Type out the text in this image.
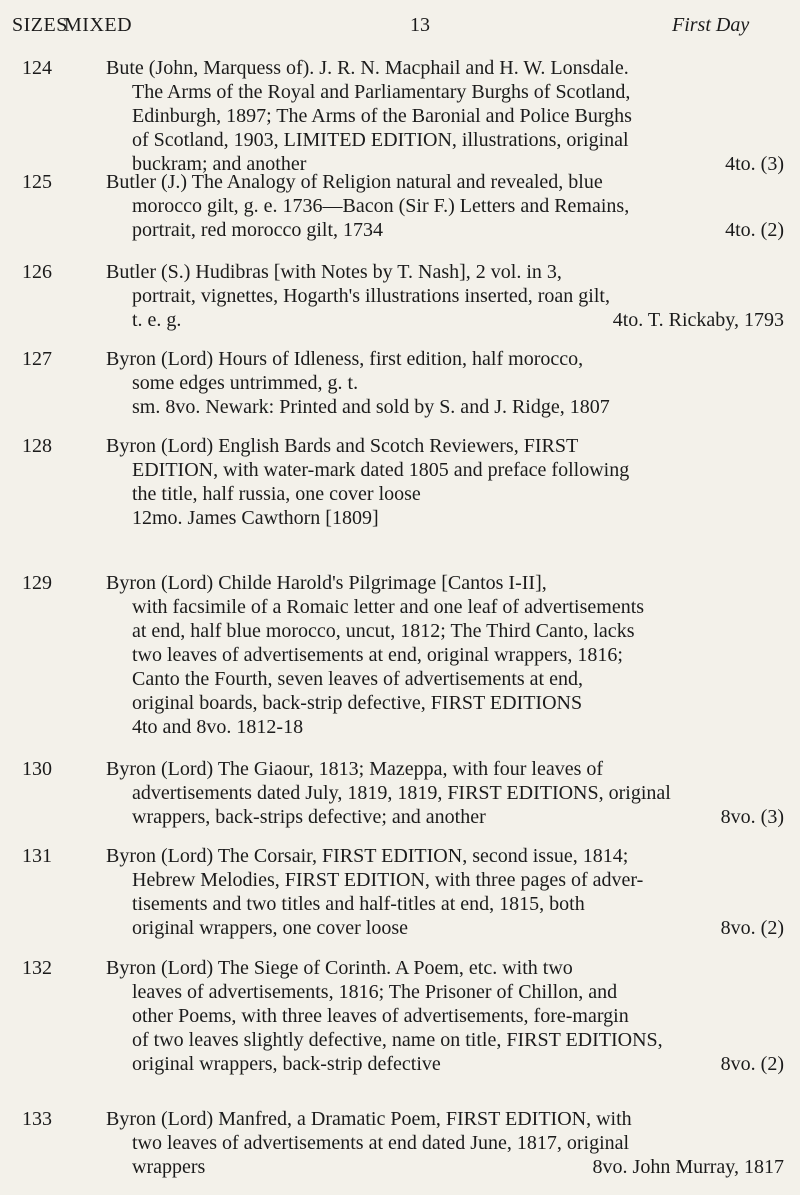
SIZES
MIXED	13	First Day
124	Bute (John, Marquess of). J. R. N. Macphail and H. W. Lonsdale.
The Arms of the Royal and Parliamentary Burghs of Scotland,
Edinburgh, 1897; The Arms of the Baronial and Police Burghs
of Scotland, 1903, LIMITED EDITION, illustrations, original
buckram; and another	4to. (3)
125	Butler (J.) The Analogy of Religion natural and revealed, blue
morocco gilt, g. e. 1736—Bacon (Sir F.) Letters and Remains,
portrait, red morocco gilt, 1734	4to. (2)
126	Butler (S.) Hudibras [with Notes by T. Nash], 2 vol. in 3,
portrait, vignettes, Hogarth's illustrations inserted, roan gilt,
t. e. g.	4to. T. Rickaby, 1793
127	Byron (Lord) Hours of Idleness, first edition, half morocco,
some edges untrimmed, g. t.
sm. 8vo. Newark: Printed and sold by S. and J. Ridge, 1807
128	Byron (Lord) English Bards and Scotch Reviewers, FIRST
EDITION, with water-mark dated 1805 and preface following
the title, half russia, one cover loose
12mo. James Cawthorn [1809]
129	Byron (Lord) Childe Harold's Pilgrimage [Cantos I-II],
with facsimile of a Romaic letter and one leaf of advertisements
at end, half blue morocco, uncut, 1812; The Third Canto, lacks
two leaves of advertisements at end, original wrappers, 1816;
Canto the Fourth, seven leaves of advertisements at end,
original boards, back-strip defective, FIRST EDITIONS
4to and 8vo. 1812-18
130	Byron (Lord) The Giaour, 1813; Mazeppa, with four leaves of
advertisements dated July, 1819, 1819, FIRST EDITIONS, original
wrappers, back-strips defective; and another	8vo. (3)
131	Byron (Lord) The Corsair, FIRST EDITION, second issue, 1814;
Hebrew Melodies, FIRST EDITION, with three pages of adver-
tisements and two titles and half-titles at end, 1815, both
original wrappers, one cover loose	8vo. (2)
132	Byron (Lord) The Siege of Corinth. A Poem, etc. with two
leaves of advertisements, 1816; The Prisoner of Chillon, and
other Poems, with three leaves of advertisements, fore-margin
of two leaves slightly defective, name on title, FIRST EDITIONS,
original wrappers, back-strip defective	8vo. (2)
133	Byron (Lord) Manfred, a Dramatic Poem, FIRST EDITION, with
two leaves of advertisements at end dated June, 1817, original
wrappers	8vo. John Murray, 1817
